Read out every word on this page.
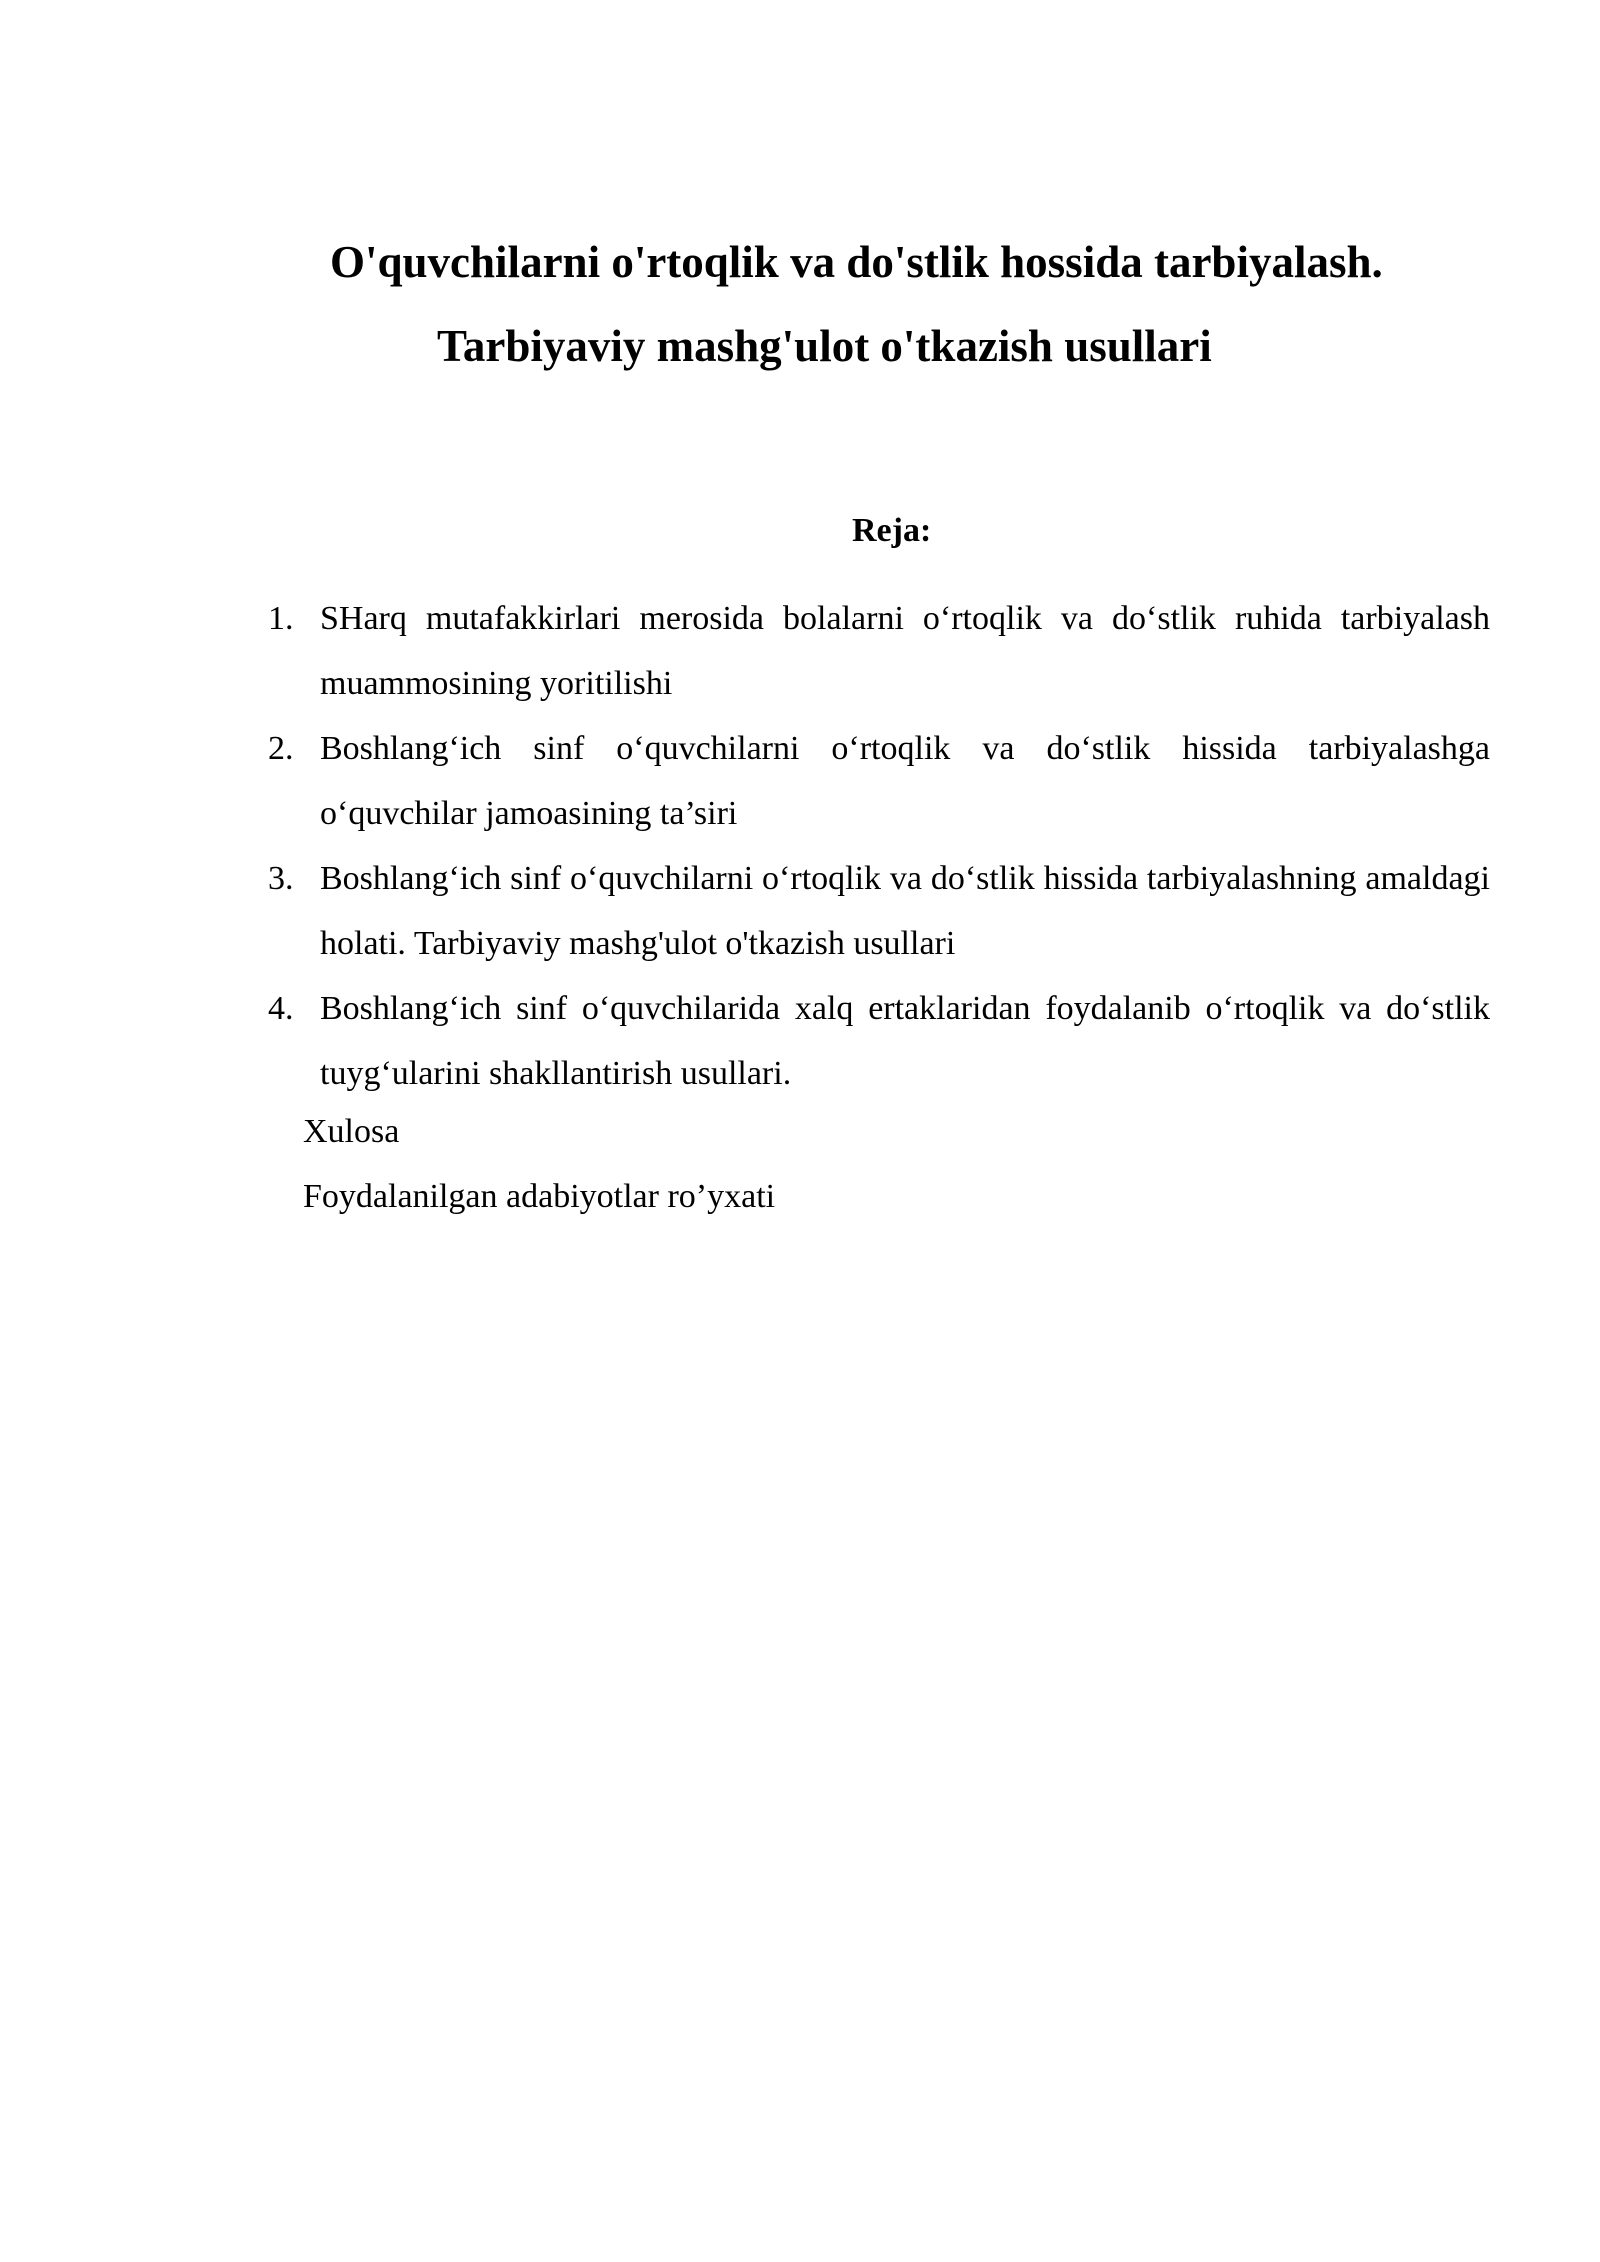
O'quvchilarni o'rtoqlik va do'stlik hossida tarbiyalash.
Tarbiyaviy mashg'ulot o'tkazish usullari
Reja:
1. SHarq mutafakkirlari merosida bolalarni o‘rtoqlik va do‘stlik ruhida tarbiyalash muammosining yoritilishi
2. Boshlang‘ich sinf o‘quvchilarni o‘rtoqlik va do‘stlik hissida tarbiyalashga o‘quvchilar jamoasining ta’siri
3. Boshlang‘ich sinf o‘quvchilarni o‘rtoqlik va do‘stlik hissida tarbiyalashning amaldagi holati. Tarbiyaviy mashg'ulot o'tkazish usullari
4. Boshlang‘ich sinf o‘quvchilarida xalq ertaklaridan foydalanib o‘rtoqlik va do‘stlik tuyg‘ularini shakllantirish usullari.
Xulosa
Foydalanilgan adabiyotlar ro’yxati
